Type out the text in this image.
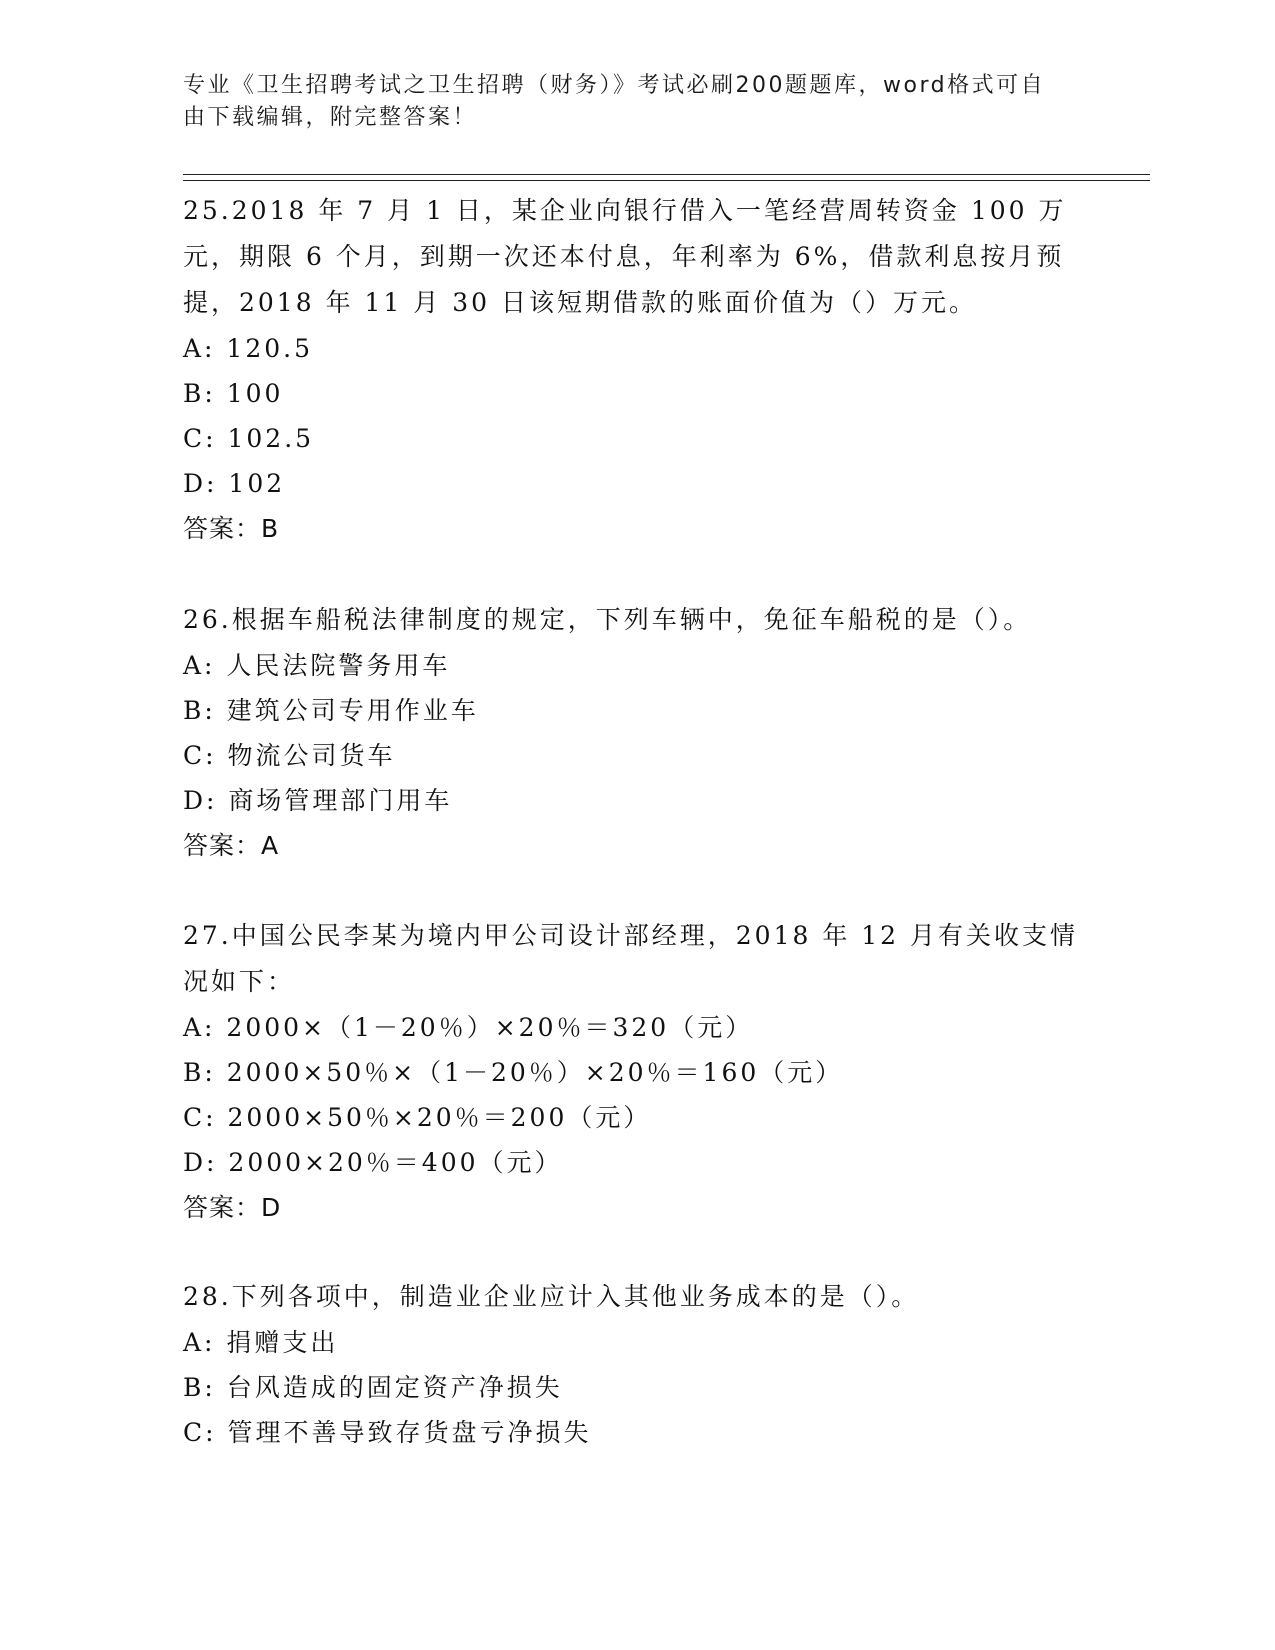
专业《卫生招聘考试之卫生招聘（财务）》考试必刷200题题库，word格式可自
由下载编辑，附完整答案！

25.2018 年 7 月 1 日，某企业向银行借入一笔经营周转资金 100 万元，期限 6 个月，到期一次还本付息，年利率为 6%，借款利息按月预提，2018 年 11 月 30 日该短期借款的账面价值为（）万元。

A: 120.5

B: 100

C: 102.5

D: 102

答案：B

26.根据车船税法律制度的规定，下列车辆中，免征车船税的是（）。

A: 人民法院警务用车

B: 建筑公司专用作业车

C: 物流公司货车

D: 商场管理部门用车

答案：A

27.中国公民李某为境内甲公司设计部经理，2018 年 12 月有关收支情况如下：

A: 2000×（1－20％）×20％＝320（元）

B: 2000×50％×（1－20％）×20％＝160（元）

C: 2000×50％×20％＝200（元）

D: 2000×20％＝400（元）

答案：D

28.下列各项中，制造业企业应计入其他业务成本的是（）。

A: 捐赠支出

B: 台风造成的固定资产净损失

C: 管理不善导致存货盘亏净损失
